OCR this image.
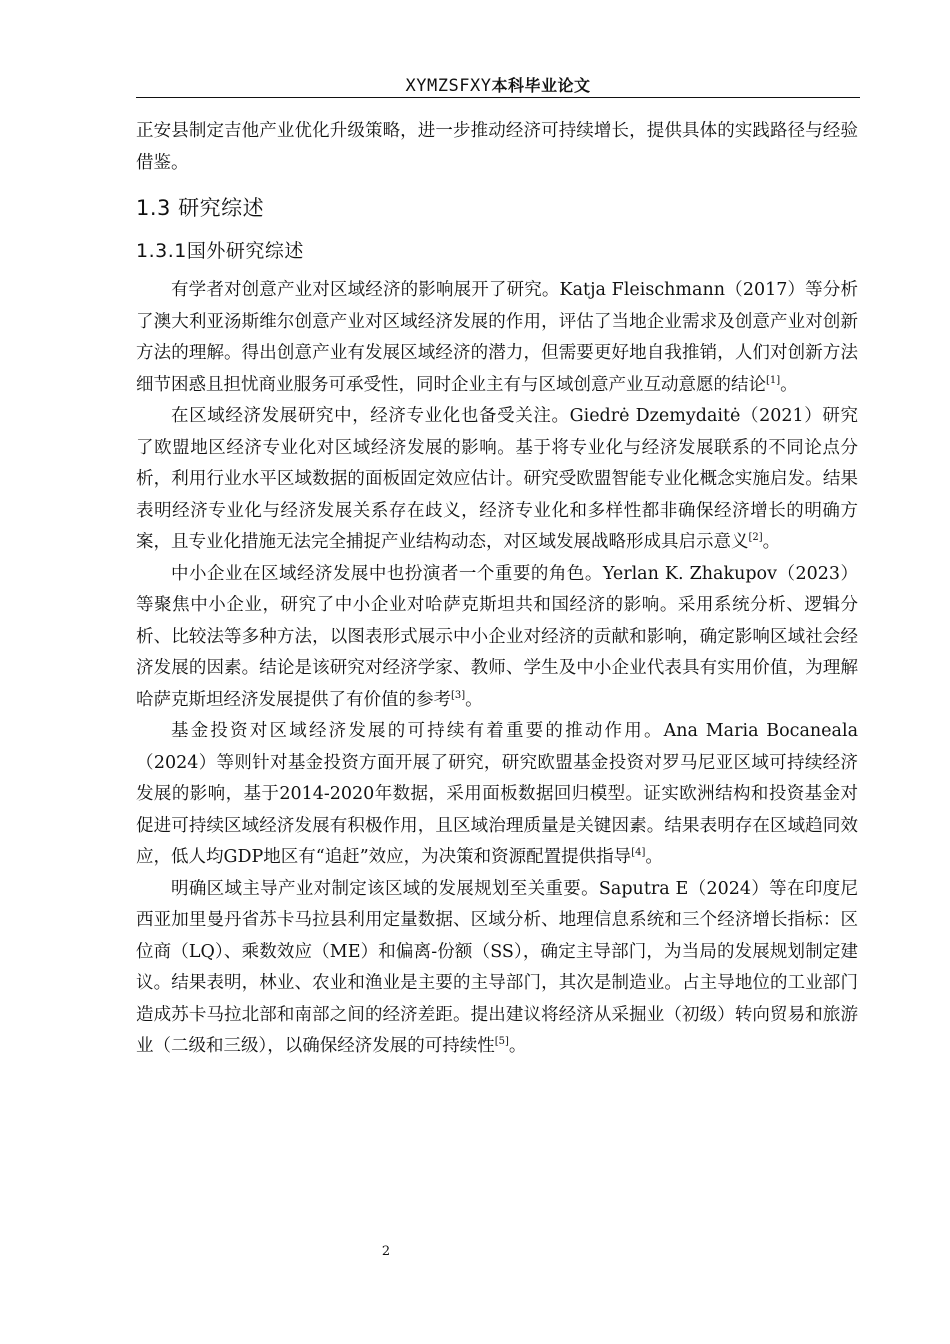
XYMZSFXY本科毕业论文

正安县制定吉他产业优化升级策略，进一步推动经济可持续增长，提供具体的实践路径与经验借鉴。

1.3 研究综述
1.3.1国外研究综述

有学者对创意产业对区域经济的影响展开了研究。Katja Fleischmann（2017）等分析了澳大利亚汤斯维尔创意产业对区域经济发展的作用，评估了当地企业需求及创意产业对创新方法的理解。得出创意产业有发展区域经济的潜力，但需要更好地自我推销，人们对创新方法细节困惑且担忧商业服务可承受性，同时企业主有与区域创意产业互动意愿的结论[1]。

在区域经济发展研究中，经济专业化也备受关注。Giedrė Dzemydaitė（2021）研究了欧盟地区经济专业化对区域经济发展的影响。基于将专业化与经济发展联系的不同论点分析，利用行业水平区域数据的面板固定效应估计。研究受欧盟智能专业化概念实施启发。结果表明经济专业化与经济发展关系存在歧义，经济专业化和多样性都非确保经济增长的明确方案，且专业化措施无法完全捕捉产业结构动态，对区域发展战略形成具启示意义[2]。

中小企业在区域经济发展中也扮演者一个重要的角色。Yerlan K. Zhakupov（2023）等聚焦中小企业，研究了中小企业对哈萨克斯坦共和国经济的影响。采用系统分析、逻辑分析、比较法等多种方法，以图表形式展示中小企业对经济的贡献和影响，确定影响区域社会经济发展的因素。结论是该研究对经济学家、教师、学生及中小企业代表具有实用价值，为理解哈萨克斯坦经济发展提供了有价值的参考[3]。

基金投资对区域经济发展的可持续有着重要的推动作用。Ana Maria Bocaneala（2024）等则针对基金投资方面开展了研究，研究欧盟基金投资对罗马尼亚区域可持续经济发展的影响，基于2014-2020年数据，采用面板数据回归模型。证实欧洲结构和投资基金对促进可持续区域经济发展有积极作用，且区域治理质量是关键因素。结果表明存在区域趋同效应，低人均GDP地区有“追赶”效应，为决策和资源配置提供指导[4]。

明确区域主导产业对制定该区域的发展规划至关重要。Saputra E（2024）等在印度尼西亚加里曼丹省苏卡马拉县利用定量数据、区域分析、地理信息系统和三个经济增长指标：区位商（LQ）、乘数效应（ME）和偏离-份额（SS），确定主导部门，为当局的发展规划制定建议。结果表明，林业、农业和渔业是主要的主导部门，其次是制造业。占主导地位的工业部门造成苏卡马拉北部和南部之间的经济差距。提出建议将经济从采掘业（初级）转向贸易和旅游业（二级和三级），以确保经济发展的可持续性[5]。

2
